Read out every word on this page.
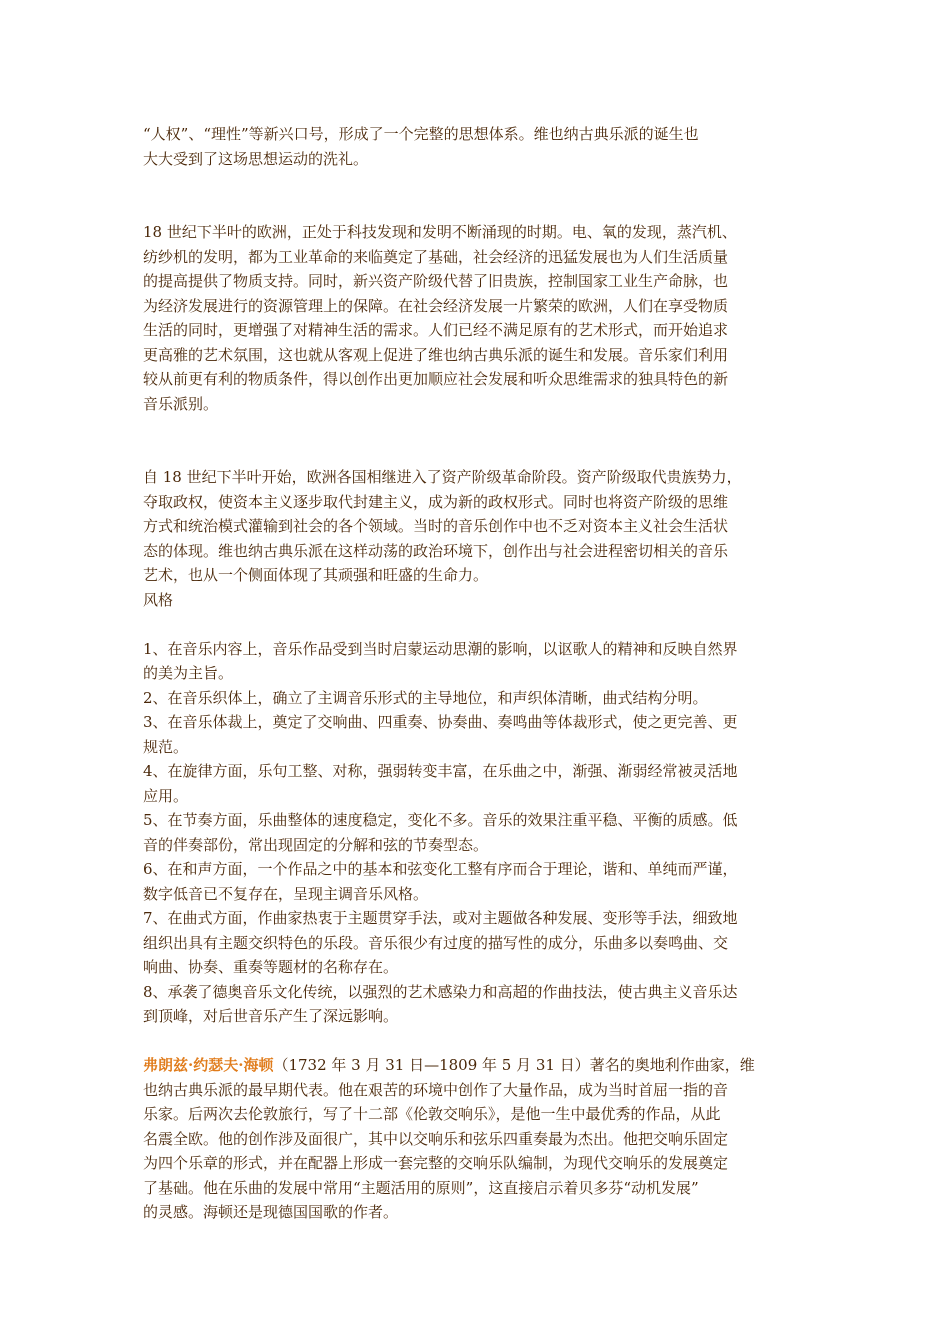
“人权”、“理性”等新兴口号，形成了一个完整的思想体系。维也纳古典乐派的诞生也
大大受到了这场思想运动的洗礼。

18 世纪下半叶的欧洲，正处于科技发现和发明不断涌现的时期。电、氧的发现，蒸汽机、
纺纱机的发明，都为工业革命的来临奠定了基础，社会经济的迅猛发展也为人们生活质量
的提高提供了物质支持。同时，新兴资产阶级代替了旧贵族，控制国家工业生产命脉，也
为经济发展进行的资源管理上的保障。在社会经济发展一片繁荣的欧洲，人们在享受物质
生活的同时，更增强了对精神生活的需求。人们已经不满足原有的艺术形式，而开始追求
更高雅的艺术氛围，这也就从客观上促进了维也纳古典乐派的诞生和发展。音乐家们利用
较从前更有利的物质条件，得以创作出更加顺应社会发展和听众思维需求的独具特色的新
音乐派别。

自 18 世纪下半叶开始，欧洲各国相继进入了资产阶级革命阶段。资产阶级取代贵族势力，
夺取政权，使资本主义逐步取代封建主义，成为新的政权形式。同时也将资产阶级的思维
方式和统治模式灌输到社会的各个领域。当时的音乐创作中也不乏对资本主义社会生活状
态的体现。维也纳古典乐派在这样动荡的政治环境下，创作出与社会进程密切相关的音乐
艺术，也从一个侧面体现了其顽强和旺盛的生命力。

风格

1、在音乐内容上，音乐作品受到当时启蒙运动思潮的影响，以讴歌人的精神和反映自然界
的美为主旨。

2、在音乐织体上，确立了主调音乐形式的主导地位，和声织体清晰，曲式结构分明。

3、在音乐体裁上，奠定了交响曲、四重奏、协奏曲、奏鸣曲等体裁形式，使之更完善、更
规范。

4、在旋律方面，乐句工整、对称，强弱转变丰富，在乐曲之中，渐强、渐弱经常被灵活地
应用。

5、在节奏方面，乐曲整体的速度稳定，变化不多。音乐的效果注重平稳、平衡的质感。低
音的伴奏部份，常出现固定的分解和弦的节奏型态。

6、在和声方面，一个作品之中的基本和弦变化工整有序而合于理论，谐和、单纯而严谨，
数字低音已不复存在，呈现主调音乐风格。

7、在曲式方面，作曲家热衷于主题贯穿手法，或对主题做各种发展、变形等手法，细致地
组织出具有主题交织特色的乐段。音乐很少有过度的描写性的成分，乐曲多以奏鸣曲、交
响曲、协奏、重奏等题材的名称存在。

8、承袭了德奥音乐文化传统，以强烈的艺术感染力和高超的作曲技法，使古典主义音乐达
到顶峰，对后世音乐产生了深远影响。

弗朗兹·约瑟夫·海顿（1732 年 3 月 31 日—1809 年 5 月 31 日）著名的奥地利作曲家，维
也纳古典乐派的最早期代表。他在艰苦的环境中创作了大量作品，成为当时首屈一指的音
乐家。后两次去伦敦旅行，写了十二部《伦敦交响乐》，是他一生中最优秀的作品，从此
名震全欧。他的创作涉及面很广，其中以交响乐和弦乐四重奏最为杰出。他把交响乐固定
为四个乐章的形式，并在配器上形成一套完整的交响乐队编制，为现代交响乐的发展奠定
了基础。他在乐曲的发展中常用“主题活用的原则”，这直接启示着贝多芬“动机发展”
的灵感。海顿还是现德国国歌的作者。
